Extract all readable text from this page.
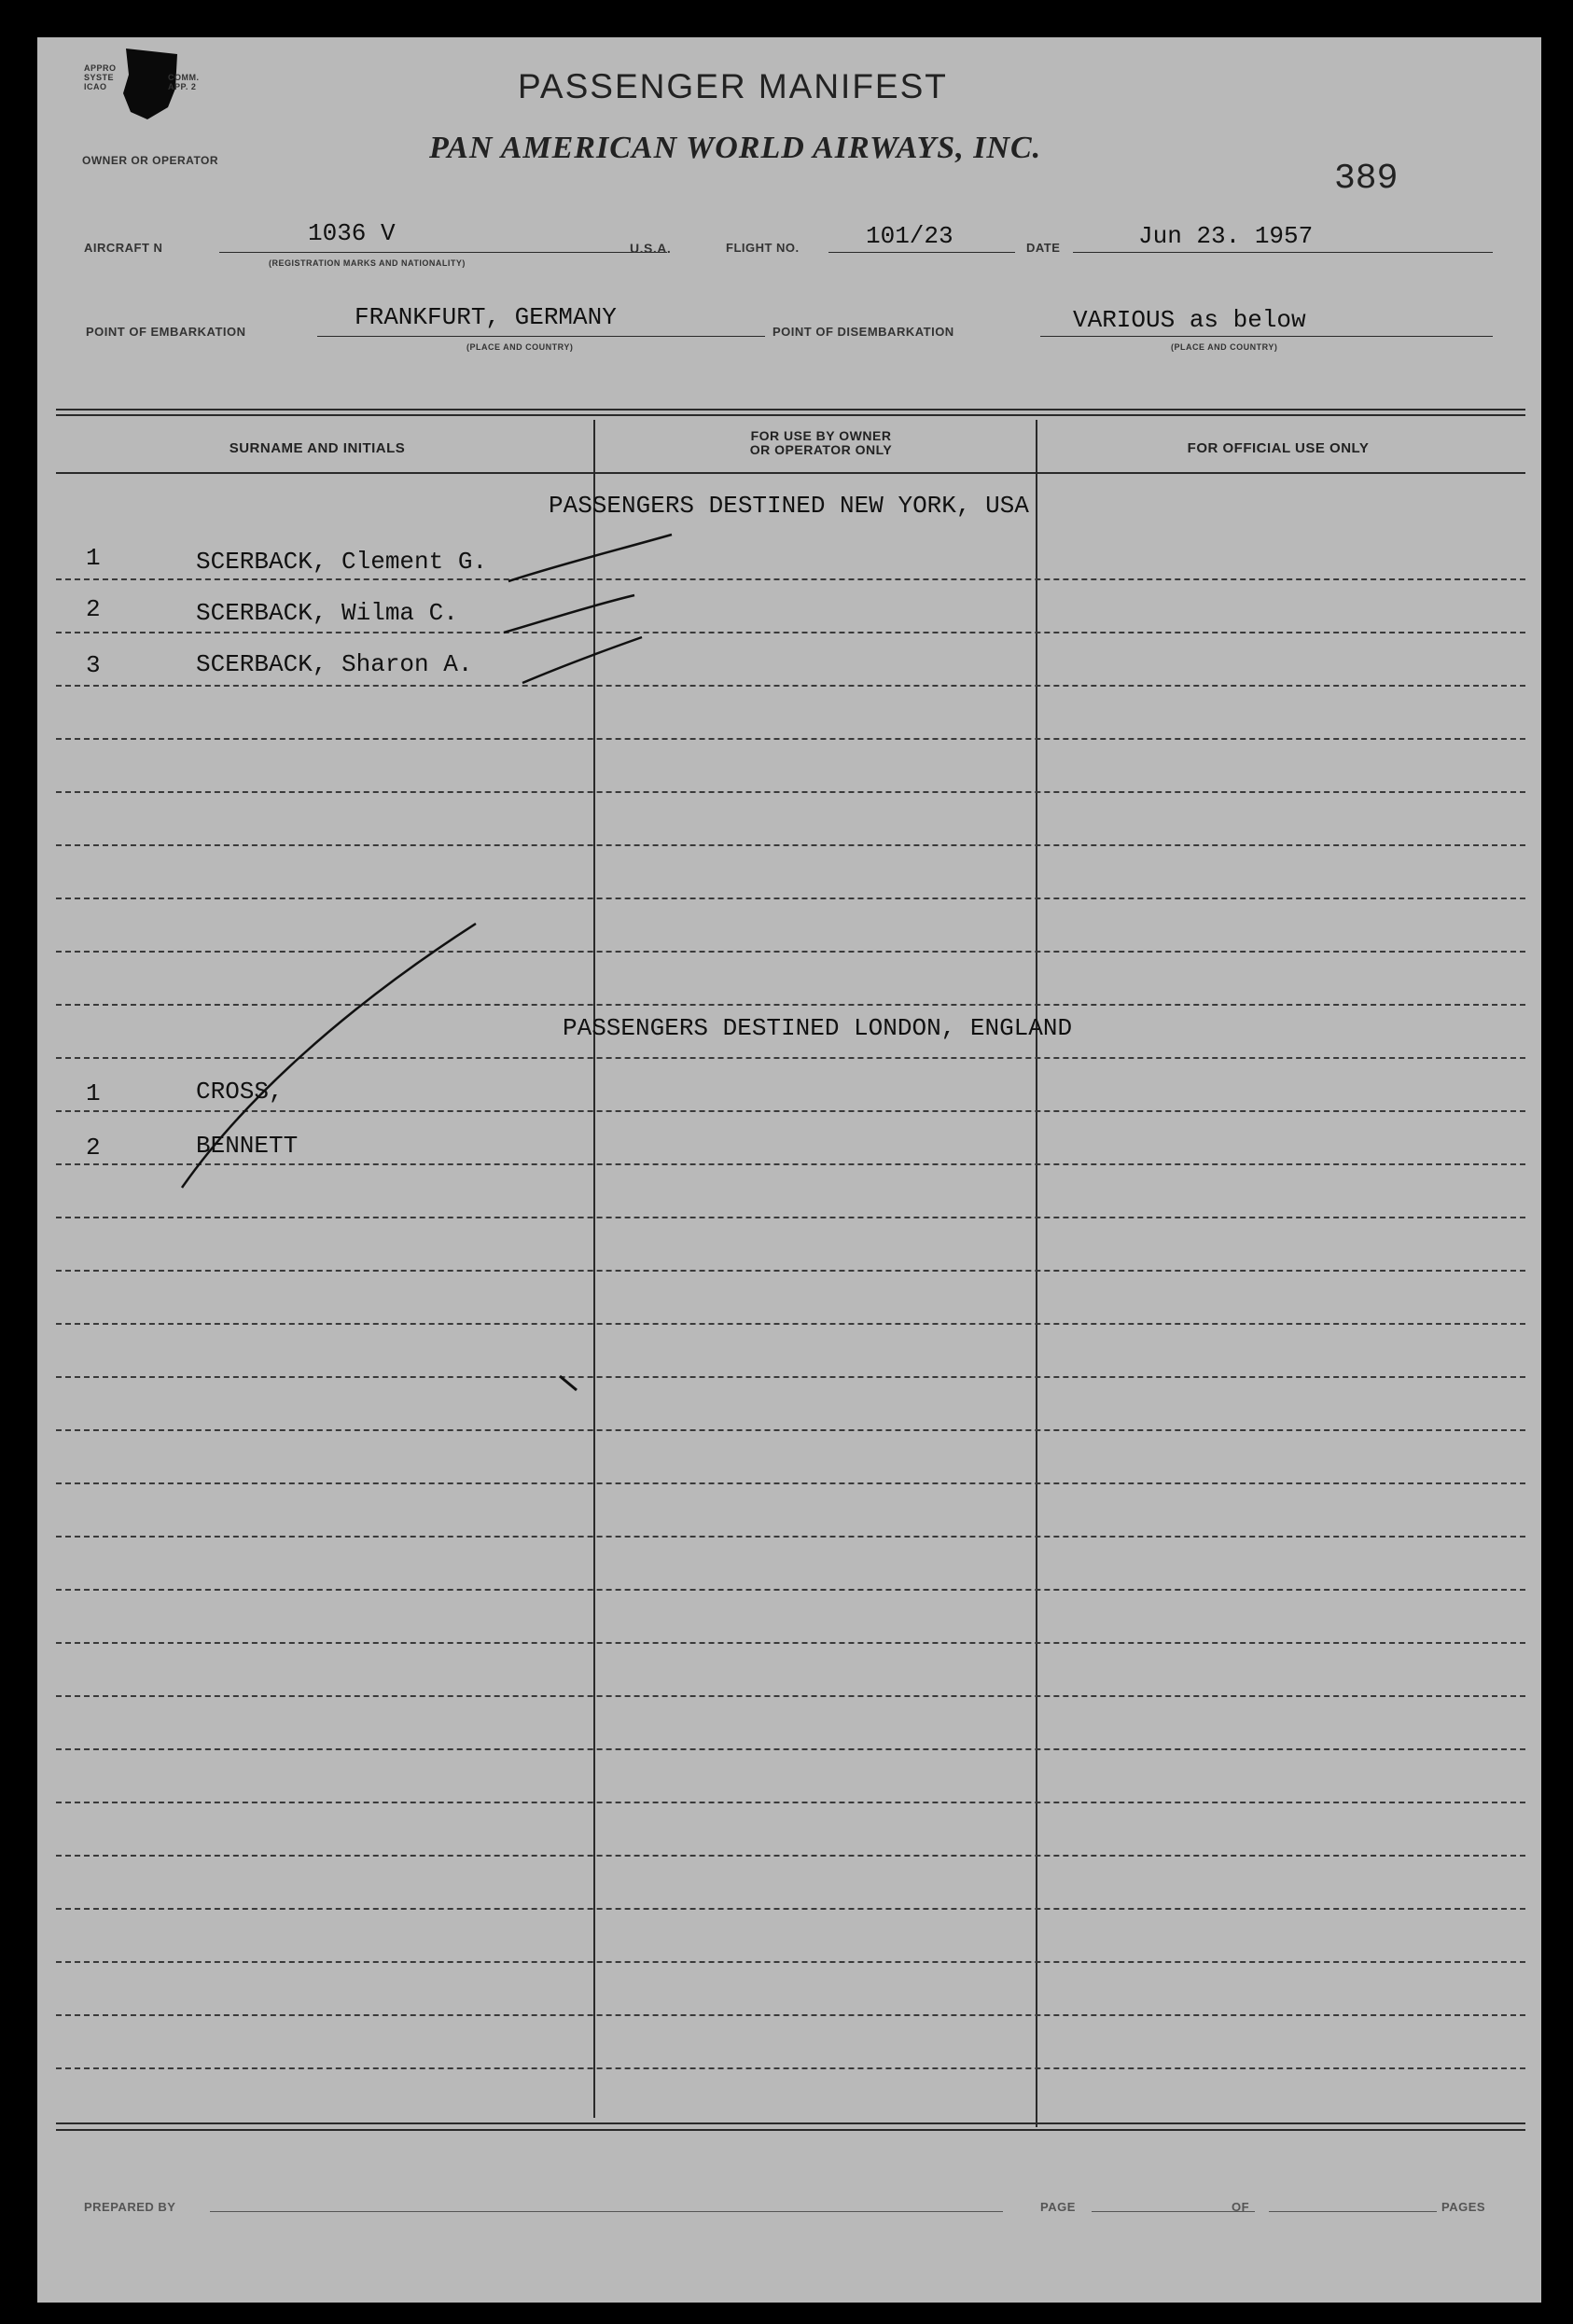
APPRO
SYSTE
ICAO
COMM.
APP. 2	PASSENGER MANIFEST
OWNER OR OPERATOR	PAN AMERICAN WORLD AIRWAYS, INC.
389
AIRCRAFT N
1036 V
(REGISTRATION MARKS AND NATIONALITY)
U.S.A.	FLIGHT NO.	101/23	DATE	Jun 23. 1957
POINT OF EMBARKATION
FRANKFURT, GERMANY
(PLACE AND COUNTRY)
POINT OF DISEMBARKATION	VARIOUS as below
(PLACE AND COUNTRY)
SURNAME AND INITIALS
FOR USE BY OWNER
OR OPERATOR ONLY	FOR OFFICIAL USE ONLY
PASSENGERS DESTINED NEW YORK, USA
1	SCERBACK, Clement G.
2	SCERBACK, Wilma C.
3	SCERBACK, Sharon A.
PASSENGERS DESTINED LONDON, ENGLAND
1	CROSS,
2	BENNETT
PREPARED BY	PAGE	OF	PAGES
